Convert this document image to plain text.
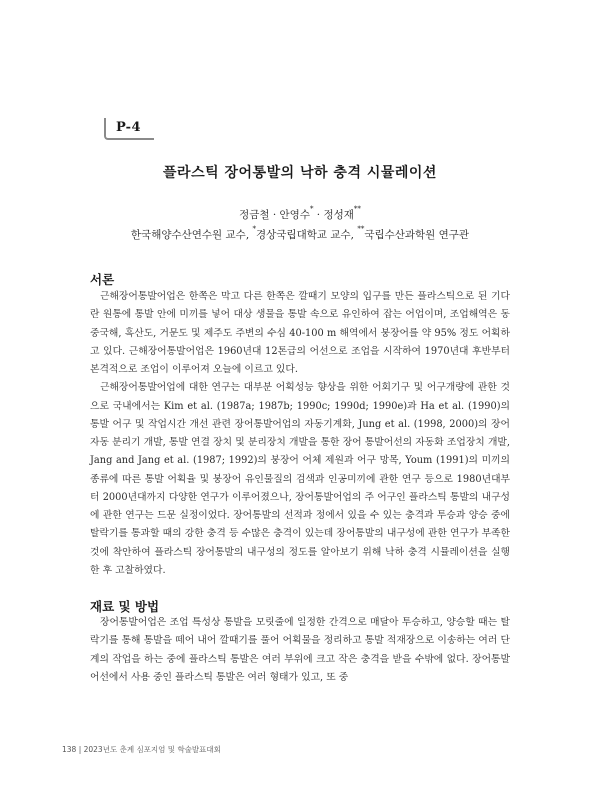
P-4
플라스틱 장어통발의 낙하 충격 시뮬레이션
정금철 · 안영수* · 정성재**
한국해양수산연수원 교수, *경상국립대학교 교수, **국립수산과학원 연구관
서론

근해장어통발어업은 한쪽은 막고 다른 한쪽은 깔때기 모양의 입구를 만든 플라스틱으로 된 기다란 원통에 통발 안에 미끼를 넣어 대상 생물을 통발 속으로 유인하여 잡는 어업이며, 조업해역은 동중국해, 흑산도, 거문도 및 제주도 주변의 수심 40-100 m 해역에서 붕장어를 약 95% 정도 어획하고 있다. 근해장어통발어업은 1960년대 12톤급의 어선으로 조업을 시작하여 1970년대 후반부터 본격적으로 조업이 이루어져 오늘에 이르고 있다.

근해장어통발어업에 대한 연구는 대부분 어획성능 향상을 위한 어회기구 및 어구개량에 관한 것으로 국내에서는 Kim et al. (1987a; 1987b; 1990c; 1990d; 1990e)과 Ha et al. (1990)의 통발 어구 및 작업시간 개선 관련 장어통발어업의 자동기계화, Jung et al. (1998, 2000)의 장어 자동 분리기 개발, 통발 연결 장치 및 분리장치 개발을 통한 장어 통발어선의 자동화 조업장치 개발, Jang and Jang et al. (1987; 1992)의 붕장어 어체 제원과 어구 망목, Youm (1991)의 미끼의 종류에 따른 통발 어획율 및 붕장어 유인물질의 검색과 인공미끼에 관한 연구 등으로 1980년대부터 2000년대까지 다양한 연구가 이루어졌으나, 장어통발어업의 주 어구인 플라스틱 통발의 내구성에 관한 연구는 드문 실정이었다. 장어통발의 선적과 정에서 있을 수 있는 충격과 투승과 양승 중에 탈락기를 통과할 때의 강한 충격 등 수많은 충격이 있는데 장어통발의 내구성에 관한 연구가 부족한 것에 착안하여 플라스틱 장어통발의 내구성의 정도를 알아보기 위해 낙하 충격 시뮬레이션을 실행한 후 고찰하였다.

재료 및 방법

장어통발어업은 조업 특성상 통발을 모릿줄에 일정한 간격으로 매달아 투승하고, 양승할 때는 탈락기를 통해 통발을 떼어 내어 깔때기를 풀어 어획물을 정리하고 통발 적재장으로 이송하는 여러 단계의 작업을 하는 중에 플라스틱 통발은 여러 부위에 크고 작은 충격을 받을 수밖에 없다. 장어통발어선에서 사용 중인 플라스틱 통발은 여러 형태가 있고, 또 중

138 | 2023년도 춘계 심포지엄 및 학술발표대회
